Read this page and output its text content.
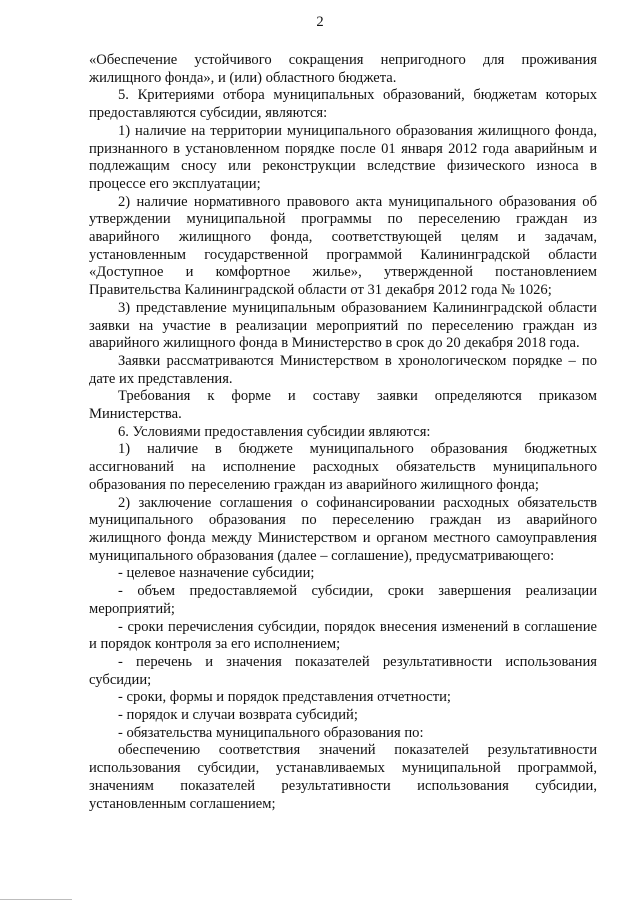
2

«Обеспечение устойчивого сокращения непригодного для проживания жилищного фонда», и (или) областного бюджета.

5. Критериями отбора муниципальных образований, бюджетам которых предоставляются субсидии, являются:

1) наличие на территории муниципального образования жилищного фонда, признанного в установленном порядке после 01 января 2012 года аварийным и подлежащим сносу или реконструкции вследствие физического износа в процессе его эксплуатации;

2) наличие нормативного правового акта муниципального образования об утверждении муниципальной программы по переселению граждан из аварийного жилищного фонда, соответствующей целям и задачам, установленным государственной программой Калининградской области «Доступное и комфортное жилье», утвержденной постановлением Правительства Калининградской области от 31 декабря 2012 года № 1026;

3) представление муниципальным образованием Калининградской области заявки на участие в реализации мероприятий по переселению граждан из аварийного жилищного фонда в Министерство в срок до 20 декабря 2018 года.

Заявки рассматриваются Министерством в хронологическом порядке – по дате их представления.

Требования к форме и составу заявки определяются приказом Министерства.

6. Условиями предоставления субсидии являются:

1) наличие в бюджете муниципального образования бюджетных ассигнований на исполнение расходных обязательств муниципального образования по переселению граждан из аварийного жилищного фонда;

2) заключение соглашения о софинансировании расходных обязательств муниципального образования по переселению граждан из аварийного жилищного фонда между Министерством и органом местного самоуправления муниципального образования (далее – соглашение), предусматривающего:

- целевое назначение субсидии;

- объем предоставляемой субсидии, сроки завершения реализации мероприятий;

- сроки перечисления субсидии, порядок внесения изменений в соглашение и порядок контроля за его исполнением;

- перечень и значения показателей результативности использования субсидии;

- сроки, формы и порядок представления отчетности;

- порядок и случаи возврата субсидий;

- обязательства муниципального образования по:

обеспечению соответствия значений показателей результативности использования субсидии, устанавливаемых муниципальной программой, значениям показателей результативности использования субсидии, установленным соглашением;
